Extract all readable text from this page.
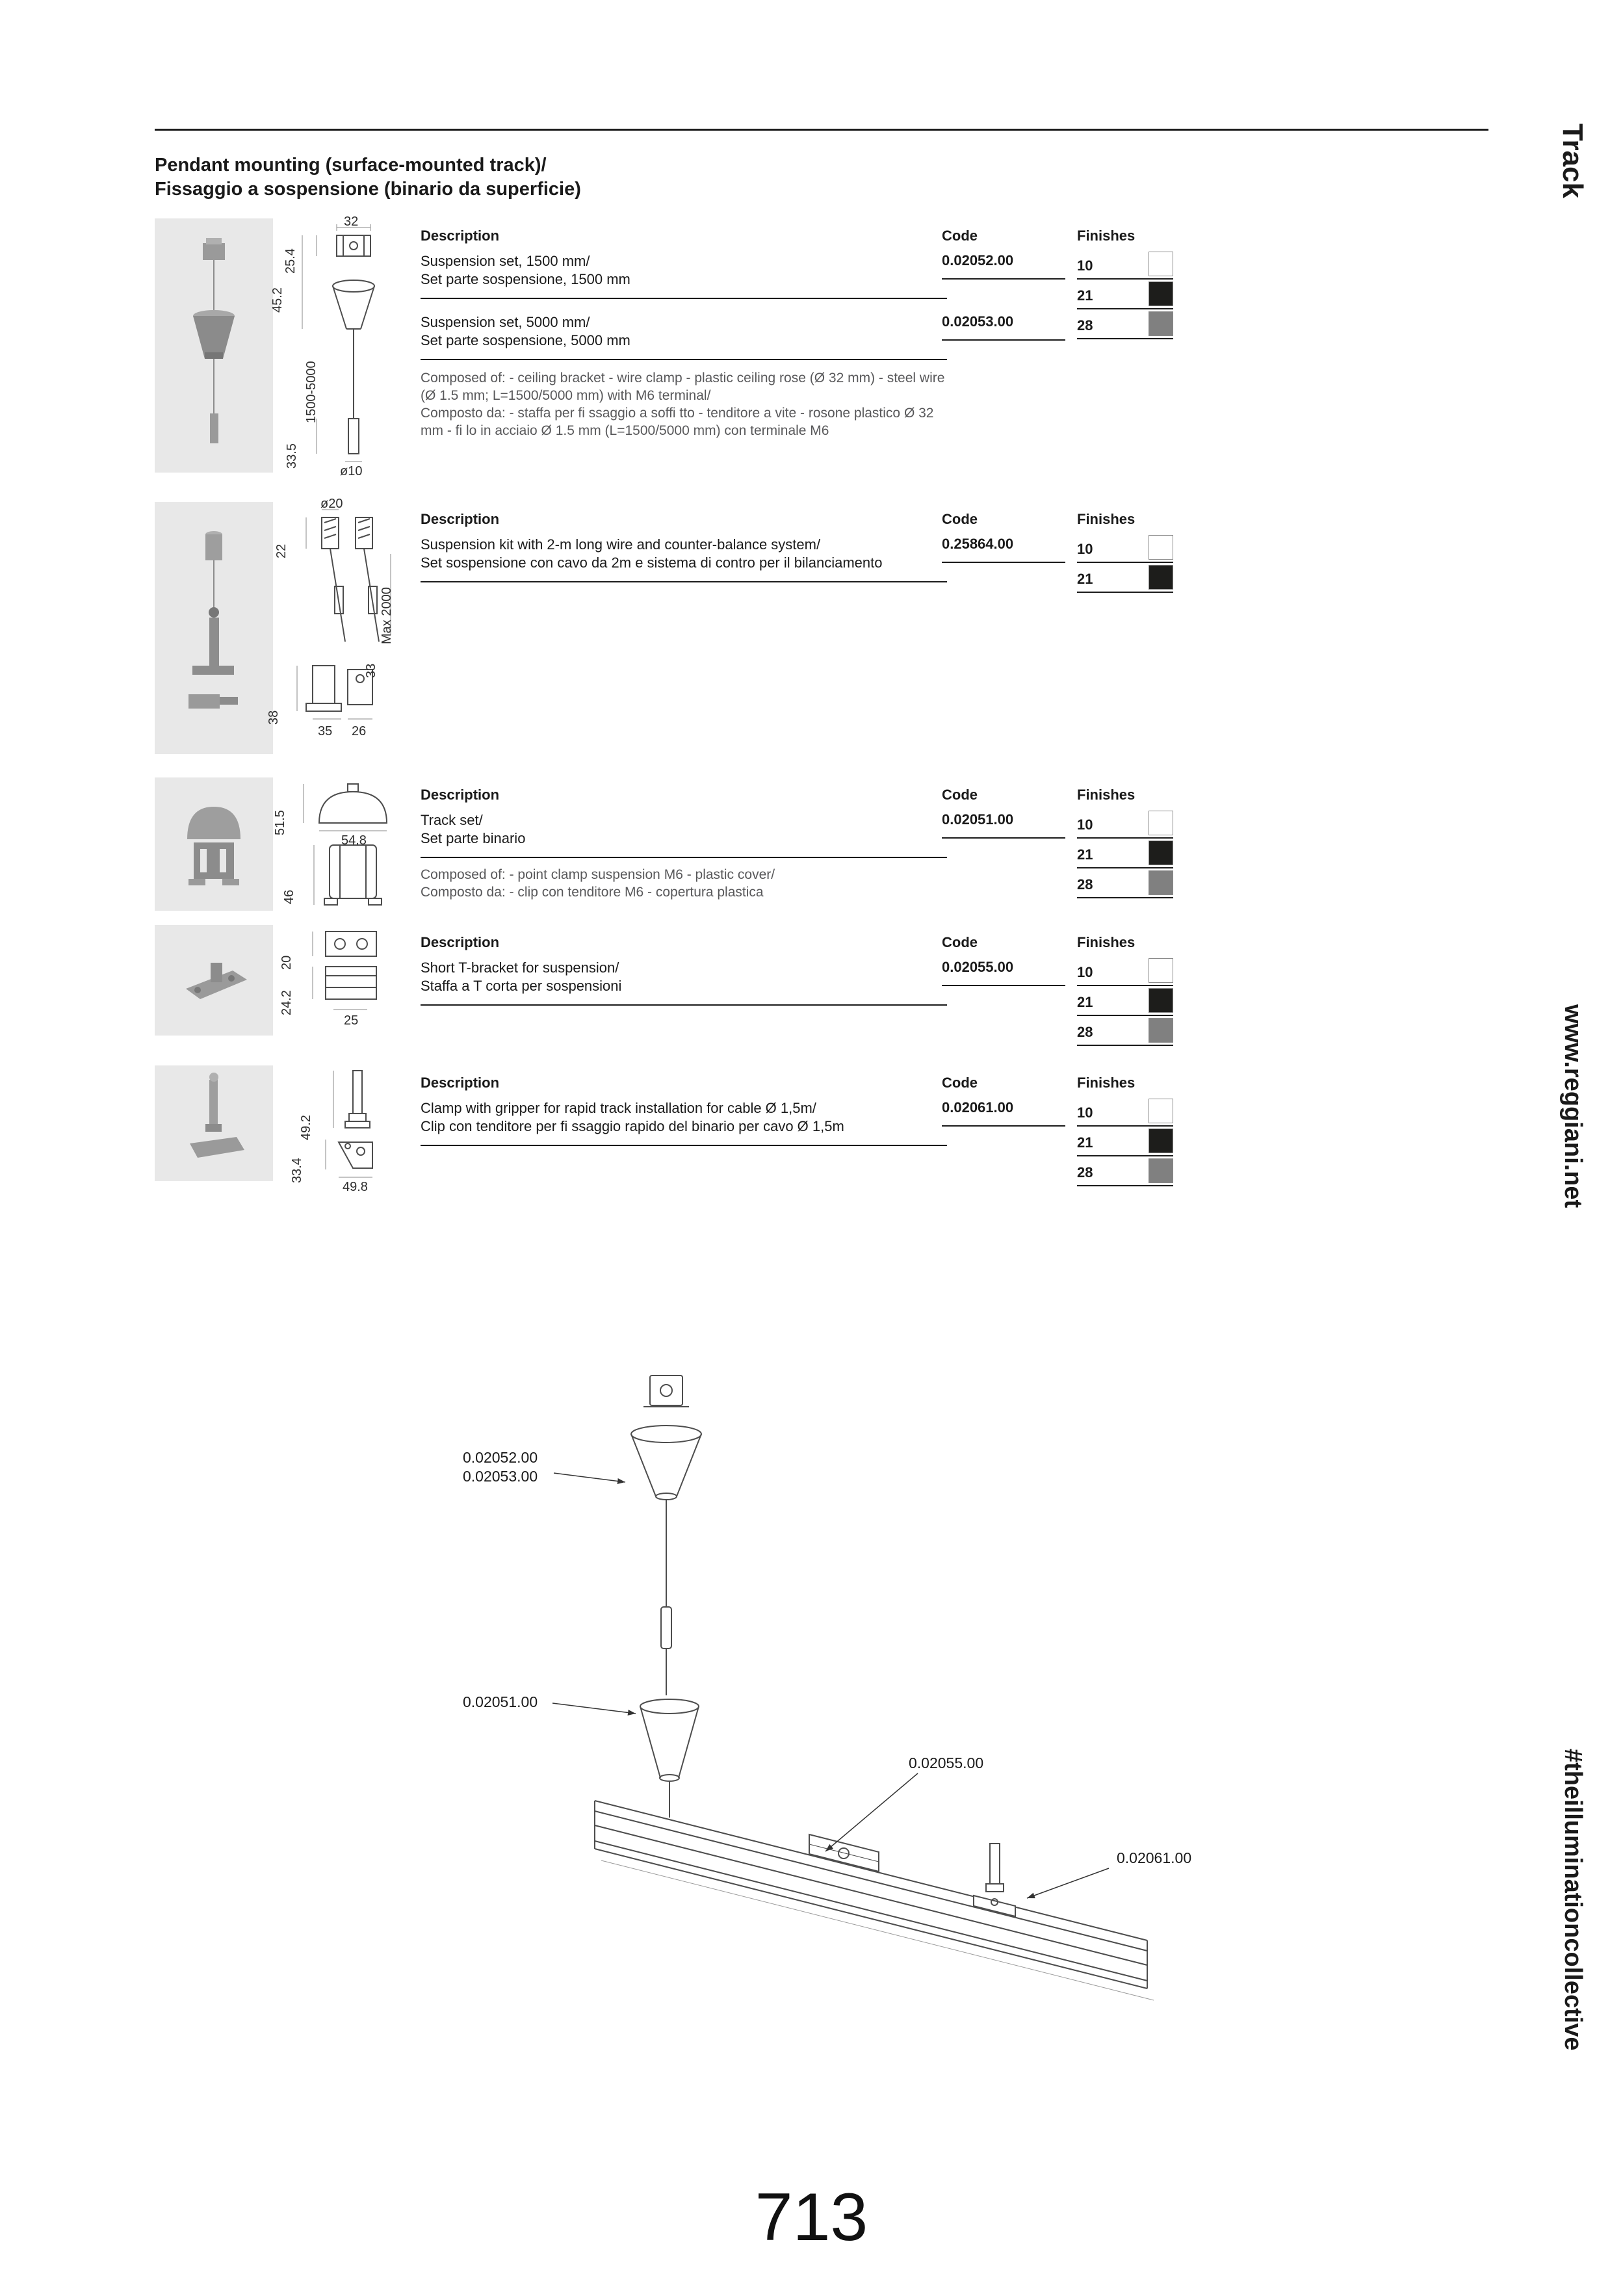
Pendant mounting (surface-mounted track)/
Fissaggio a sospensione (binario da superficie)	Track
www.reggiani.net
#theilluminationcollective
32
25.4
45.2
1500-5000
33.5
ø10
Description
Suspension set, 1500 mm/
Set parte sospensione, 1500 mm
Suspension set, 5000 mm/
Set parte sospensione, 5000 mm
Composed of: - ceiling bracket - wire clamp - plastic ceiling rose (Ø 32 mm) - steel wire (Ø 1.5 mm; L=1500/5000 mm) with M6 terminal/
Composto da: - staffa per fi ssaggio a soffi tto - tenditore a vite - rosone plastico Ø 32 mm - fi lo in acciaio Ø 1.5 mm (L=1500/5000 mm) con terminale M6
Code
0.02052.00
0.02053.00
Finishes
10
21
28
ø20
22
Max 2000
33
38
35 26
Description
Suspension kit with 2-m long wire and counter-balance system/
Set sospensione con cavo da 2m e sistema di contro per il bilanciamento
Code
0.25864.00
Finishes
10
21
51.5
54.8
46
Description
Track set/
Set parte binario
Composed of: - point clamp suspension M6 - plastic cover/
Composto da: - clip con tenditore M6 - copertura plastica
Code
0.02051.00
Finishes
10
21
28
20
24.2
25
Description
Short T-bracket for suspension/
Staffa a T corta per sospensioni
Code
0.02055.00
Finishes
10
21
28
49.2
33.4
49.8
Description
Clamp with gripper for rapid track installation for cable Ø 1,5m/
Clip con tenditore per fi ssaggio rapido del binario per cavo Ø 1,5m
Code
0.02061.00
Finishes
10
21
28
0.02052.00
0.02053.00
0.02051.00
0.02055.00
0.02061.00
713
